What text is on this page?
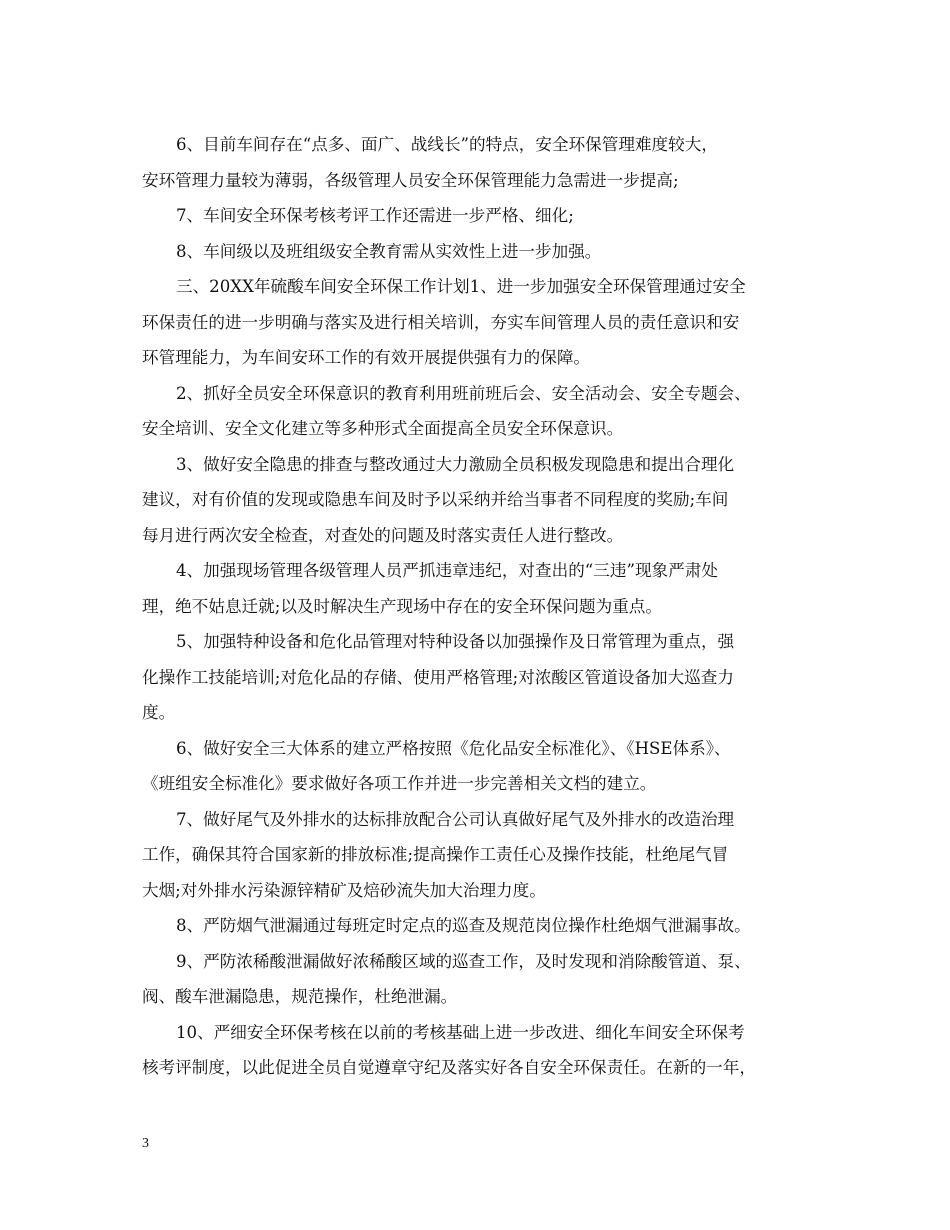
6、目前车间存在“点多、面广、战线长”的特点，安全环保管理难度较大，
安环管理力量较为薄弱，各级管理人员安全环保管理能力急需进一步提高;
7、车间安全环保考核考评工作还需进一步严格、细化;
8、车间级以及班组级安全教育需从实效性上进一步加强。
三、20XX年硫酸车间安全环保工作计划1、进一步加强安全环保管理通过安全
环保责任的进一步明确与落实及进行相关培训，夯实车间管理人员的责任意识和安
环管理能力，为车间安环工作的有效开展提供强有力的保障。
2、抓好全员安全环保意识的教育利用班前班后会、安全活动会、安全专题会、
安全培训、安全文化建立等多种形式全面提高全员安全环保意识。
3、做好安全隐患的排查与整改通过大力激励全员积极发现隐患和提出合理化
建议，对有价值的发现或隐患车间及时予以采纳并给当事者不同程度的奖励;车间
每月进行两次安全检查，对查处的问题及时落实责任人进行整改。
4、加强现场管理各级管理人员严抓违章违纪，对查出的“三违”现象严肃处
理，绝不姑息迁就;以及时解决生产现场中存在的安全环保问题为重点。
5、加强特种设备和危化品管理对特种设备以加强操作及日常管理为重点，强
化操作工技能培训;对危化品的存储、使用严格管理;对浓酸区管道设备加大巡查力
度。
6、做好安全三大体系的建立严格按照《危化品安全标准化》、《HSE体系》、
《班组安全标准化》要求做好各项工作并进一步完善相关文档的建立。
7、做好尾气及外排水的达标排放配合公司认真做好尾气及外排水的改造治理
工作，确保其符合国家新的排放标准;提高操作工责任心及操作技能，杜绝尾气冒
大烟;对外排水污染源锌精矿及焙砂流失加大治理力度。
8、严防烟气泄漏通过每班定时定点的巡查及规范岗位操作杜绝烟气泄漏事故。
9、严防浓稀酸泄漏做好浓稀酸区域的巡查工作，及时发现和消除酸管道、泵、
阀、酸车泄漏隐患，规范操作，杜绝泄漏。
10、严细安全环保考核在以前的考核基础上进一步改进、细化车间安全环保考
核考评制度，以此促进全员自觉遵章守纪及落实好各自安全环保责任。在新的一年，
3
